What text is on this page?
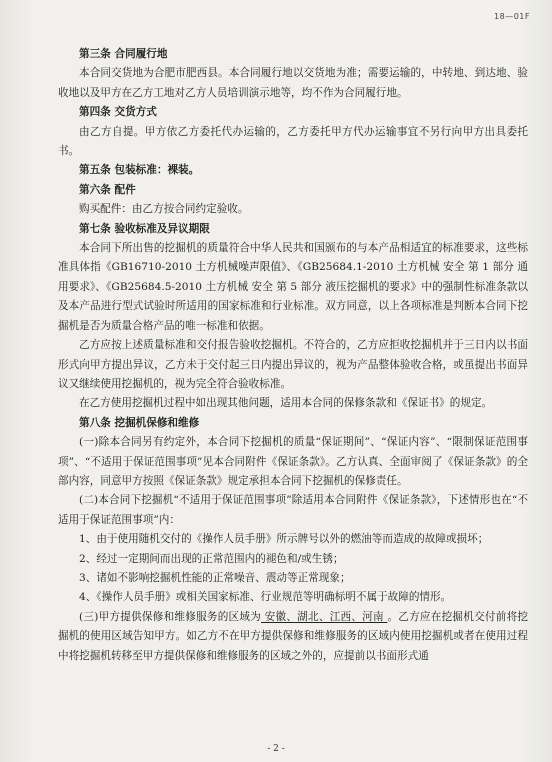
18—01F

第三条 合同履行地

本合同交货地为合肥市肥西县。本合同履行地以交货地为准；需要运输的，中转地、到达地、验收地以及甲方在乙方工地对乙方人员培训演示地等，均不作为合同履行地。

第四条 交货方式

由乙方自提。甲方依乙方委托代办运输的，乙方委托甲方代办运输事宜不另行向甲方出具委托书。

第五条 包装标准：裸装。

第六条 配件

购买配件：由乙方按合同约定验收。

第七条 验收标准及异议期限

本合同下所出售的挖掘机的质量符合中华人民共和国颁布的与本产品相适宜的标准要求，这些标准具体指《GB16710-2010 土方机械噪声限值》、《GB25684.1-2010 土方机械 安全 第 1 部分 通用要求》、《GB25684.5-2010 土方机械 安全 第 5 部分 液压挖掘机的要求》中的强制性标准条款以及本产品进行型式试验时所适用的国家标准和行业标准。双方同意，以上各项标准是判断本合同下挖掘机是否为质量合格产品的唯一标准和依据。

乙方应按上述质量标准和交付报告验收挖掘机。不符合的，乙方应拒收挖掘机并于三日内以书面形式向甲方提出异议，乙方未于交付起三日内提出异议的，视为产品整体验收合格，或虽提出书面异议又继续使用挖掘机的，视为完全符合验收标准。

在乙方使用挖掘机过程中如出现其他问题，适用本合同的保修条款和《保证书》的规定。

第八条 挖掘机保修和维修

(一)除本合同另有约定外，本合同下挖掘机的质量“保证期间”、“保证内容”、“限制保证范围事项”、“不适用于保证范围事项”见本合同附件《保证条款》。乙方认真、全面审阅了《保证条款》的全部内容，同意甲方按照《保证条款》规定承担本合同下挖掘机的保修责任。

(二)本合同下挖掘机“不适用于保证范围事项”除适用本合同附件《保证条款》，下述情形也在“不适用于保证范围事项”内：

1、由于使用随机交付的《操作人员手册》所示牌号以外的燃油等而造成的故障或损坏；

2、经过一定期间而出现的正常范围内的褪色和/或生锈；

3、诸如不影响挖掘机性能的正常噪音、震动等正常现象；

4、《操作人员手册》或相关国家标准、行业规范等明确标明不属于故障的情形。

(三)甲方提供保修和维修服务的区域为 安徽、湖北、江西、河南 。乙方应在挖掘机交付前将挖掘机的使用区域告知甲方。如乙方不在甲方提供保修和维修服务的区域内使用挖掘机或者在使用过程中将挖掘机转移至甲方提供保修和维修服务的区域之外的，应提前以书面形式通

- 2 -
